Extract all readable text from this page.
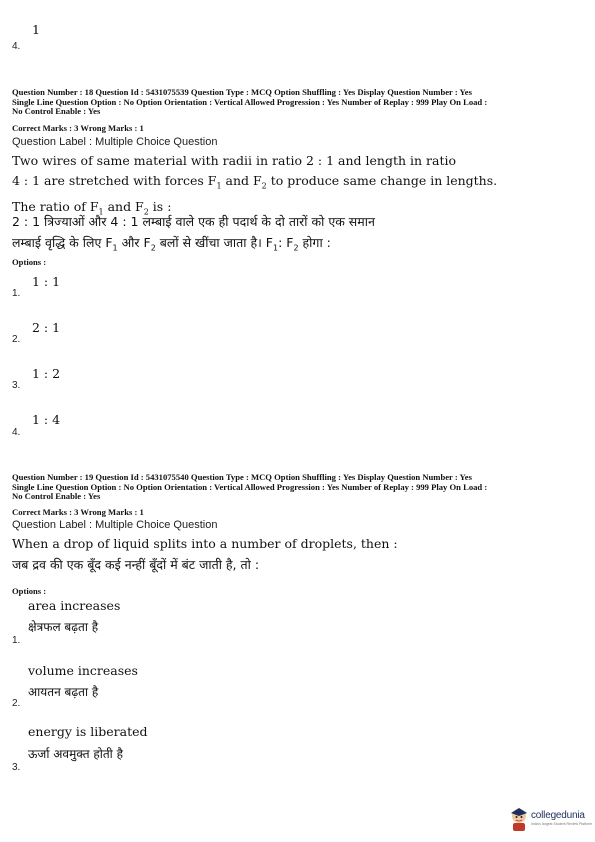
1
4.
Question Number : 18 Question Id : 5431075539 Question Type : MCQ Option Shuffling : Yes Display Question Number : Yes
Single Line Question Option : No Option Orientation : Vertical Allowed Progression : Yes Number of Replay : 999 Play On Load :
No Control Enable : Yes
Correct Marks : 3 Wrong Marks : 1
Question Label : Multiple Choice Question
Two wires of same material with radii in ratio 2 : 1 and length in ratio
4 : 1 are stretched with forces $F_1$ and $F_2$ to produce same change in lengths.
The ratio of $F_1$ and $F_2$ is :
2 : 1 त्रिज्याओं और 4 : 1 लम्बाई वाले एक ही पदार्थ के दो तारों को एक समान
लम्बाई वृद्धि के लिए $F_1$ और $F_2$ बलों से खींचा जाता है। $F_1$: $F_2$ होगा :
Options :
1 : 1
1.
2 : 1
2.
1 : 2
3.
1 : 4
4.
Question Number : 19 Question Id : 5431075540 Question Type : MCQ Option Shuffling : Yes Display Question Number : Yes
Single Line Question Option : No Option Orientation : Vertical Allowed Progression : Yes Number of Replay : 999 Play On Load :
No Control Enable : Yes
Correct Marks : 3 Wrong Marks : 1
Question Label : Multiple Choice Question
When a drop of liquid splits into a number of droplets, then :
जब द्रव की एक बूँद कई नन्हीं बूँदों में बंट जाती है, तो :
Options :
area increases
क्षेत्रफल बढ़ता है
1.
volume increases
आयतन बढ़ता है
2.
energy is liberated
ऊर्जा अवमुक्त होती है
3.
collegedunia
India's largest Student Review Platform
